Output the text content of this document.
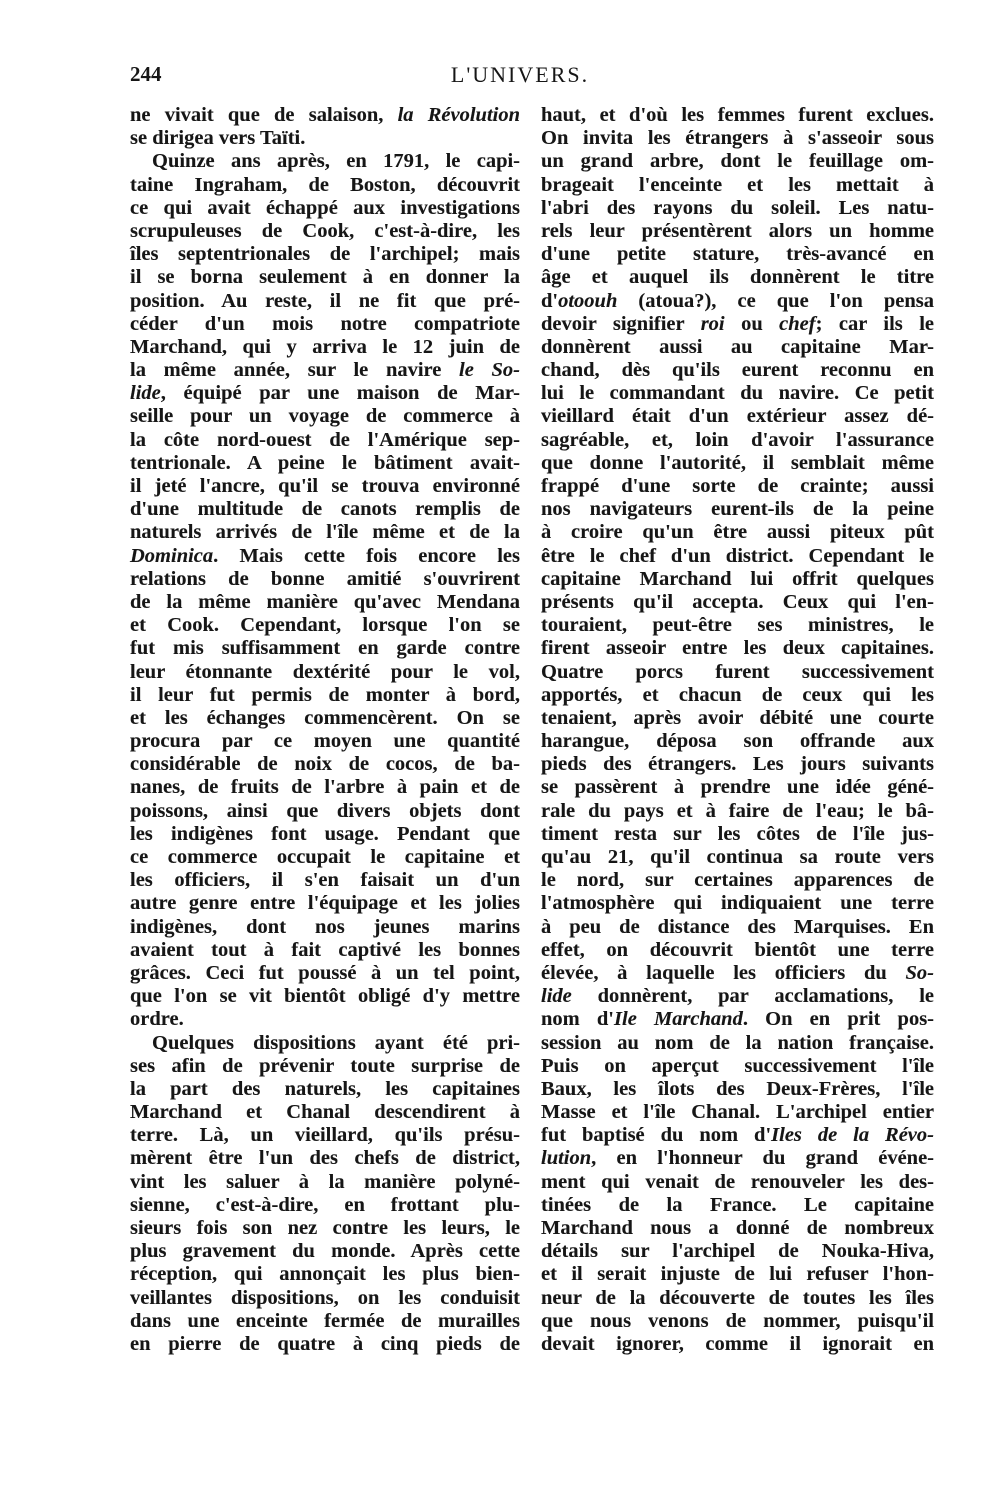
244	L'UNIVERS.
ne vivait que de salaison, la Révolution
se dirigea vers Taïti.
Quinze ans après, en 1791, le capi-
taine Ingraham, de Boston, découvrit
ce qui avait échappé aux investigations
scrupuleuses de Cook, c'est-à-dire, les
îles septentrionales de l'archipel; mais
il se borna seulement à en donner la
position. Au reste, il ne fit que pré-
céder d'un mois notre compatriote
Marchand, qui y arriva le 12 juin de
la même année, sur le navire le So-
lide, équipé par une maison de Mar-
seille pour un voyage de commerce à
la côte nord-ouest de l'Amérique sep-
tentrionale. A peine le bâtiment avait-
il jeté l'ancre, qu'il se trouva environné
d'une multitude de canots remplis de
naturels arrivés de l'île même et de la
Dominica. Mais cette fois encore les
relations de bonne amitié s'ouvrirent
de la même manière qu'avec Mendana
et Cook. Cependant, lorsque l'on se
fut mis suffisamment en garde contre
leur étonnante dextérité pour le vol,
il leur fut permis de monter à bord,
et les échanges commencèrent. On se
procura par ce moyen une quantité
considérable de noix de cocos, de ba-
nanes, de fruits de l'arbre à pain et de
poissons, ainsi que divers objets dont
les indigènes font usage. Pendant que
ce commerce occupait le capitaine et
les officiers, il s'en faisait un d'un
autre genre entre l'équipage et les jolies
indigènes, dont nos jeunes marins
avaient tout à fait captivé les bonnes
grâces. Ceci fut poussé à un tel point,
que l'on se vit bientôt obligé d'y mettre
ordre.
Quelques dispositions ayant été pri-
ses afin de prévenir toute surprise de
la part des naturels, les capitaines
Marchand et Chanal descendirent à
terre. Là, un vieillard, qu'ils présu-
mèrent être l'un des chefs de district,
vint les saluer à la manière polyné-
sienne, c'est-à-dire, en frottant plu-
sieurs fois son nez contre les leurs, le
plus gravement du monde. Après cette
réception, qui annonçait les plus bien-
veillantes dispositions, on les conduisit
dans une enceinte fermée de murailles
en pierre de quatre à cinq pieds de
haut, et d'où les femmes furent exclues.
On invita les étrangers à s'asseoir sous
un grand arbre, dont le feuillage om-
brageait l'enceinte et les mettait à
l'abri des rayons du soleil. Les natu-
rels leur présentèrent alors un homme
d'une petite stature, très-avancé en
âge et auquel ils donnèrent le titre
d'otoouh (atoua?), ce que l'on pensa
devoir signifier roi ou chef; car ils le
donnèrent aussi au capitaine Mar-
chand, dès qu'ils eurent reconnu en
lui le commandant du navire. Ce petit
vieillard était d'un extérieur assez dé-
sagréable, et, loin d'avoir l'assurance
que donne l'autorité, il semblait même
frappé d'une sorte de crainte; aussi
nos navigateurs eurent-ils de la peine
à croire qu'un être aussi piteux pût
être le chef d'un district. Cependant le
capitaine Marchand lui offrit quelques
présents qu'il accepta. Ceux qui l'en-
touraient, peut-être ses ministres, le
firent asseoir entre les deux capitaines.
Quatre porcs furent successivement
apportés, et chacun de ceux qui les
tenaient, après avoir débité une courte
harangue, déposa son offrande aux
pieds des étrangers. Les jours suivants
se passèrent à prendre une idée géné-
rale du pays et à faire de l'eau; le bâ-
timent resta sur les côtes de l'île jus-
qu'au 21, qu'il continua sa route vers
le nord, sur certaines apparences de
l'atmosphère qui indiquaient une terre
à peu de distance des Marquises. En
effet, on découvrit bientôt une terre
élevée, à laquelle les officiers du So-
lide donnèrent, par acclamations, le
nom d'Ile Marchand. On en prit pos-
session au nom de la nation française.
Puis on aperçut successivement l'île
Baux, les îlots des Deux-Frères, l'île
Masse et l'île Chanal. L'archipel entier
fut baptisé du nom d'Iles de la Révo-
lution, en l'honneur du grand événe-
ment qui venait de renouveler les des-
tinées de la France. Le capitaine
Marchand nous a donné de nombreux
détails sur l'archipel de Nouka-Hiva,
et il serait injuste de lui refuser l'hon-
neur de la découverte de toutes les îles
que nous venons de nommer, puisqu'il
devait ignorer, comme il ignorait en
